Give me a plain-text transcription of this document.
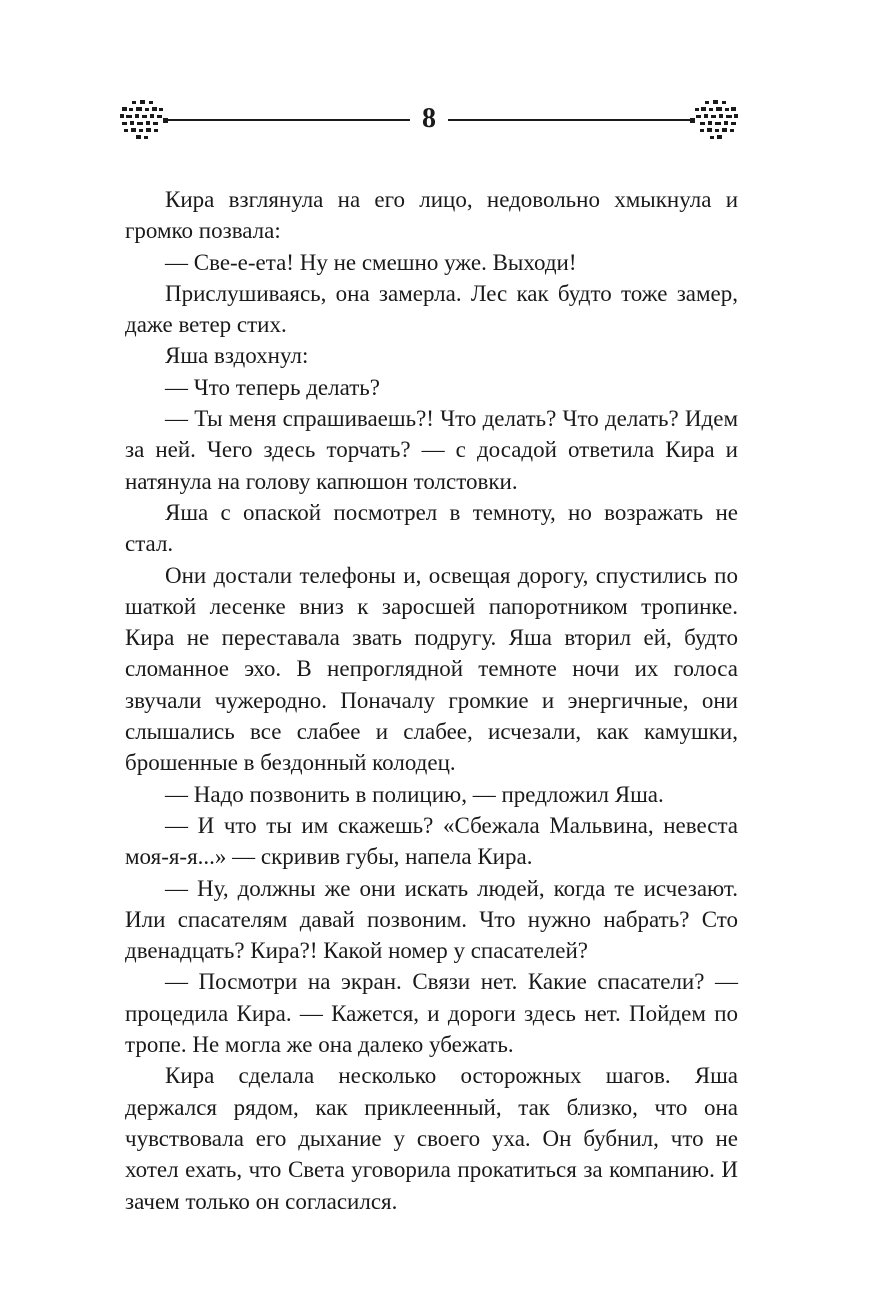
8

Кира взглянула на его лицо, недовольно хмыкнула и громко позвала:

— Све-е-ета! Ну не смешно уже. Выходи!

Прислушиваясь, она замерла. Лес как будто тоже замер, даже ветер стих.

Яша вздохнул:

— Что теперь делать?

— Ты меня спрашиваешь?! Что делать? Что делать? Идем за ней. Чего здесь торчать? — с досадой ответила Кира и натянула на голову капюшон толстовки.

Яша с опаской посмотрел в темноту, но возражать не стал.

Они достали телефоны и, освещая дорогу, спустились по шаткой лесенке вниз к заросшей папоротником тропинке. Кира не переставала звать подругу. Яша вторил ей, будто сломанное эхо. В непроглядной темноте ночи их голоса звучали чужеродно. Поначалу громкие и энергичные, они слышались все слабее и слабее, исчезали, как камушки, брошенные в бездонный колодец.

— Надо позвонить в полицию, — предложил Яша.

— И что ты им скажешь? «Сбежала Мальвина, невеста моя-я-я...» — скривив губы, напела Кира.

— Ну, должны же они искать людей, когда те исчезают. Или спасателям давай позвоним. Что нужно набрать? Сто двенадцать? Кира?! Какой номер у спасателей?

— Посмотри на экран. Связи нет. Какие спасатели? — процедила Кира. — Кажется, и дороги здесь нет. Пойдем по тропе. Не могла же она далеко убежать.

Кира сделала несколько осторожных шагов. Яша держался рядом, как приклеенный, так близко, что она чувствовала его дыхание у своего уха. Он бубнил, что не хотел ехать, что Света уговорила прокатиться за компанию. И зачем только он согласился.
